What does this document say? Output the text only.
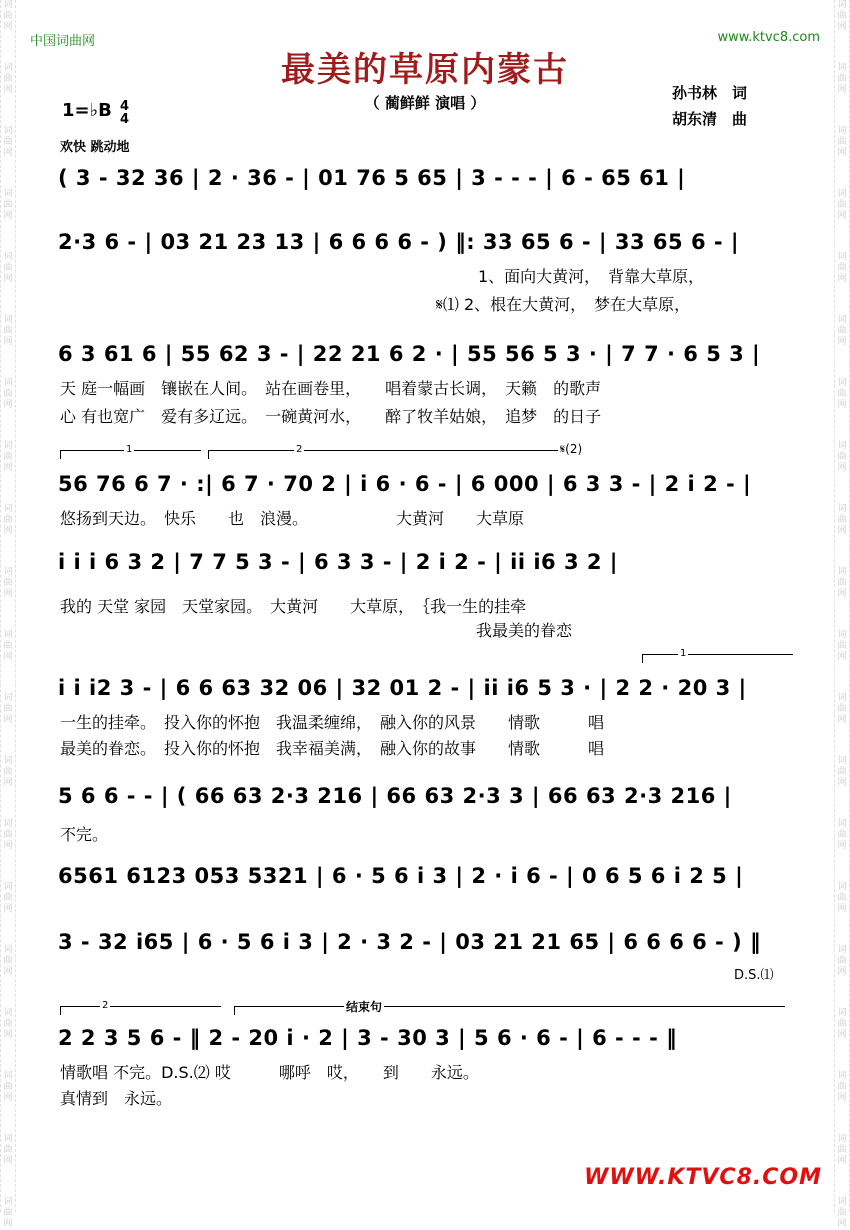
词曲网
词曲网
词曲网
词曲网
词曲网
词曲网
词曲网
词曲网
词曲网
词曲网
词曲网
词曲网
词曲网
词曲网
词曲网
词曲网
词曲网
词曲网
词曲网
词曲网
词曲网
词曲网
词曲网
词曲网
词曲网
词曲网
词曲网
词曲网
词曲网
词曲网
词曲网
词曲网
词曲网
词曲网
词曲网
词曲网
词曲网
词曲网
词曲网
词曲网
中国词曲网	www.ktvc8.com
最美的草原内蒙古
（ 蔺鲜鲜 演唱 ）
孙书林　词
胡东清　曲
1=♭B 4
4
欢快 跳动地
( 3 - 32 36 | 2 · 36 - | 01 76 5 65 | 3 - - - | 6 - 65 61 |
2·3 6 - | 03 21 23 13 | 6 6 6 6 - ) ‖: 33 65 6 - | 33 65 6 - |
1、面向大黄河，　背靠大草原，
𝄋⑴ 2、根在大黄河，　梦在大草原，
6 3 61 6 | 55 62 3 - | 22 21 6 2 · | 55 56 5 3 · | 7 7 · 6 5 3 |
天 庭一幅画　镶嵌在人间。　站在画卷里，　　唱着蒙古长调，　天籁　的歌声
心 有也宽广　爱有多辽远。　一碗黄河水，　　醉了牧羊姑娘，　追梦　的日子
1	2	𝄋(2)
56 76 6 7 · :| 6 7 · 70 2 | i 6 · 6 - | 6 000 | 6 3 3 - | 2 i 2 - |
悠扬到天边。　快乐　　也　浪漫。　　　　　　大黄河　　大草原
i i i 6 3 2 | 7 7 5 3 - | 6 3 3 - | 2 i 2 - | ii i6 3 2 |
我的 天堂 家园　天堂家园。　大黄河　　大草原，　｛我一生的挂牵
　　　　　　　　　　　　　　　　　　　　　　　　　　我最美的眷恋
1
i i i2 3 - | 6 6 63 32 06 | 32 01 2 - | ii i6 5 3 · | 2 2 · 20 3 |
一生的挂牵。　投入你的怀抱　我温柔缠绵，　融入你的风景　　情歌　　　唱
最美的眷恋。　投入你的怀抱　我幸福美满，　融入你的故事　　情歌　　　唱
5 6 6 - - | ( 66 63 2·3 216 | 66 63 2·3 3 | 66 63 2·3 216 |
不完。
6561 6123 053 5321 | 6 · 5 6 i 3 | 2 · i 6 - | 0 6 5 6 i 2 5 |
3 - 32 i65 | 6 · 5 6 i 3 | 2 · 3 2 - | 03 21 21 65 | 6 6 6 6 - ) ‖
D.S.⑴
2	结束句
2 2 3 5 6 - ‖ 2 - 20 i · 2 | 3 - 30 3 | 5 6 · 6 - | 6 - - - ‖
情歌唱 不完。D.S.⑵ 哎　　　哪呼　哎，　　到　　永远。
真情到　永远。
WWW.KTVC8.COM
